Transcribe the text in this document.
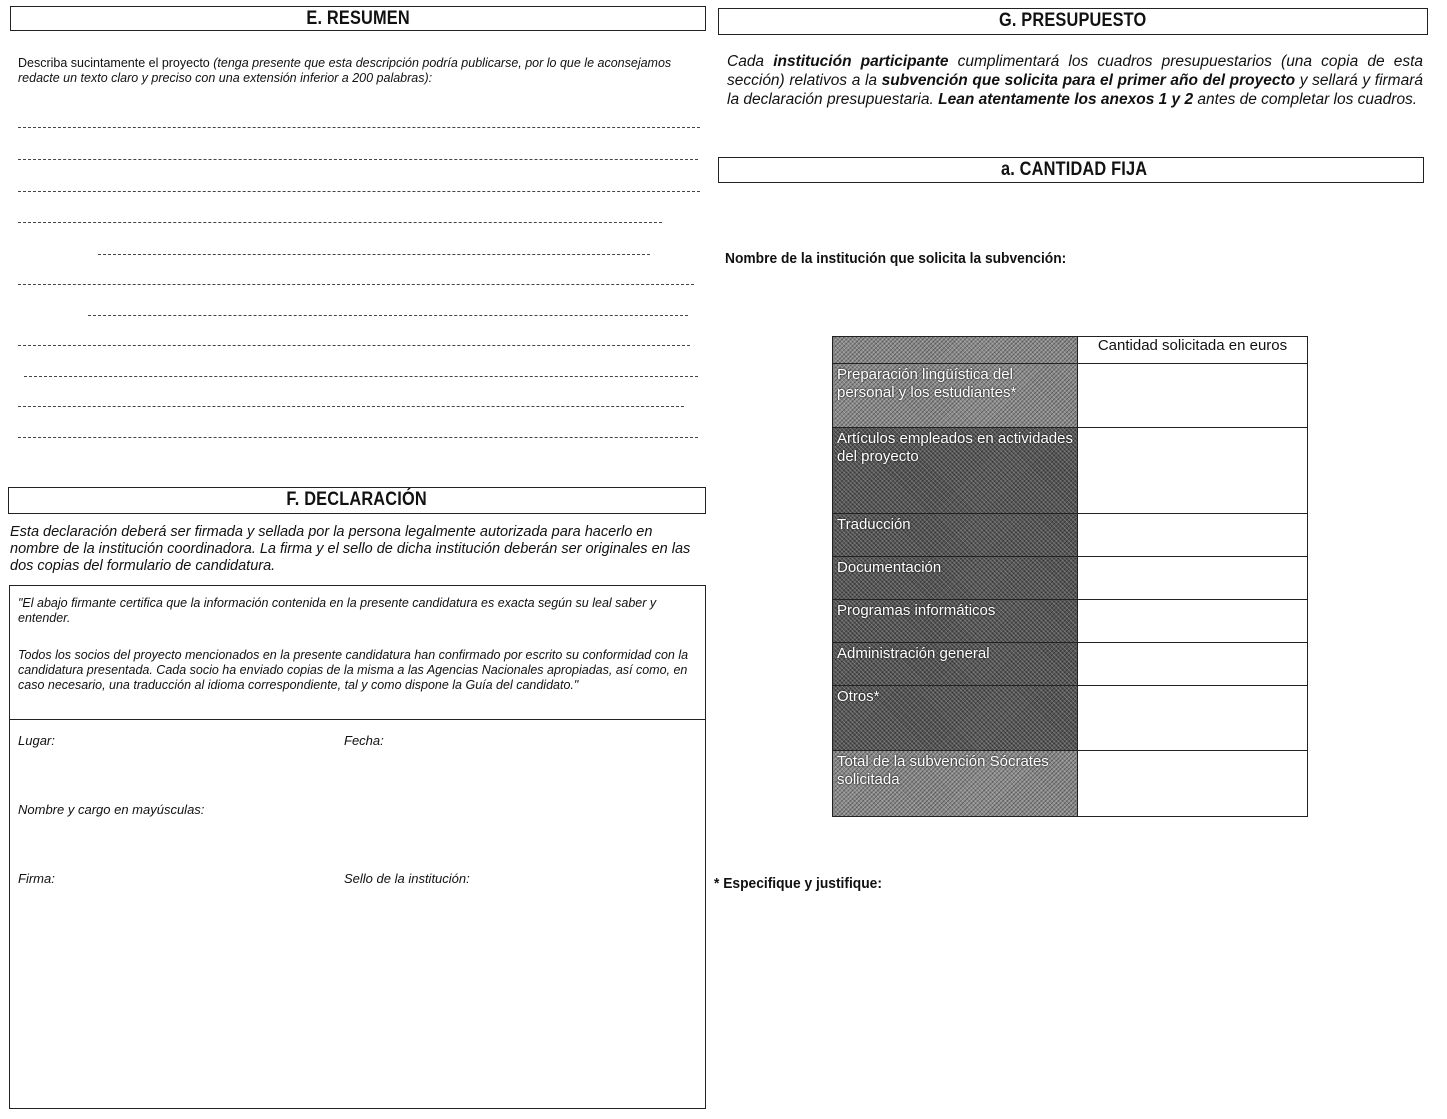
E. RESUMEN
Describa sucintamente el proyecto (tenga presente que esta descripción podría publicarse, por lo que le aconsejamos redacte un texto claro y preciso con una extensión inferior a 200 palabras):
F. DECLARACIÓN
Esta declaración deberá ser firmada y sellada por la persona legalmente autorizada para hacerlo en nombre de la institución coordinadora. La firma y el sello de dicha institución deberán ser originales en las dos copias del formulario de candidatura.
"El abajo firmante certifica que la información contenida en la presente candidatura es exacta según su leal saber y entender.
Todos los socios del proyecto mencionados en la presente candidatura han confirmado por escrito su conformidad con la candidatura presentada. Cada socio ha enviado copias de la misma a las Agencias Nacionales apropiadas, así como, en caso necesario, una traducción al idioma correspondiente, tal y como dispone la Guía del candidato."
Lugar:	Fecha:
Nombre y cargo en mayúsculas:
Firma:	Sello de la institución:
G. PRESUPUESTO
Cada institución participante cumplimentará los cuadros presupuestarios (una copia de esta sección) relativos a la subvención que solicita para el primer año del proyecto y sellará y firmará la declaración presupuestaria. Lean atentamente los anexos 1 y 2 antes de completar los cuadros.
a. CANTIDAD FIJA
Nombre de la institución que solicita la subvención:
	Cantidad solicitada en euros
Preparación lingüística del personal y los estudiantes*	
Artículos empleados en actividades del proyecto	
Traducción	
Documentación	
Programas informáticos	
Administración general	
Otros*	
Total de la subvención Sócrates solicitada	
* Especifique y justifique:
